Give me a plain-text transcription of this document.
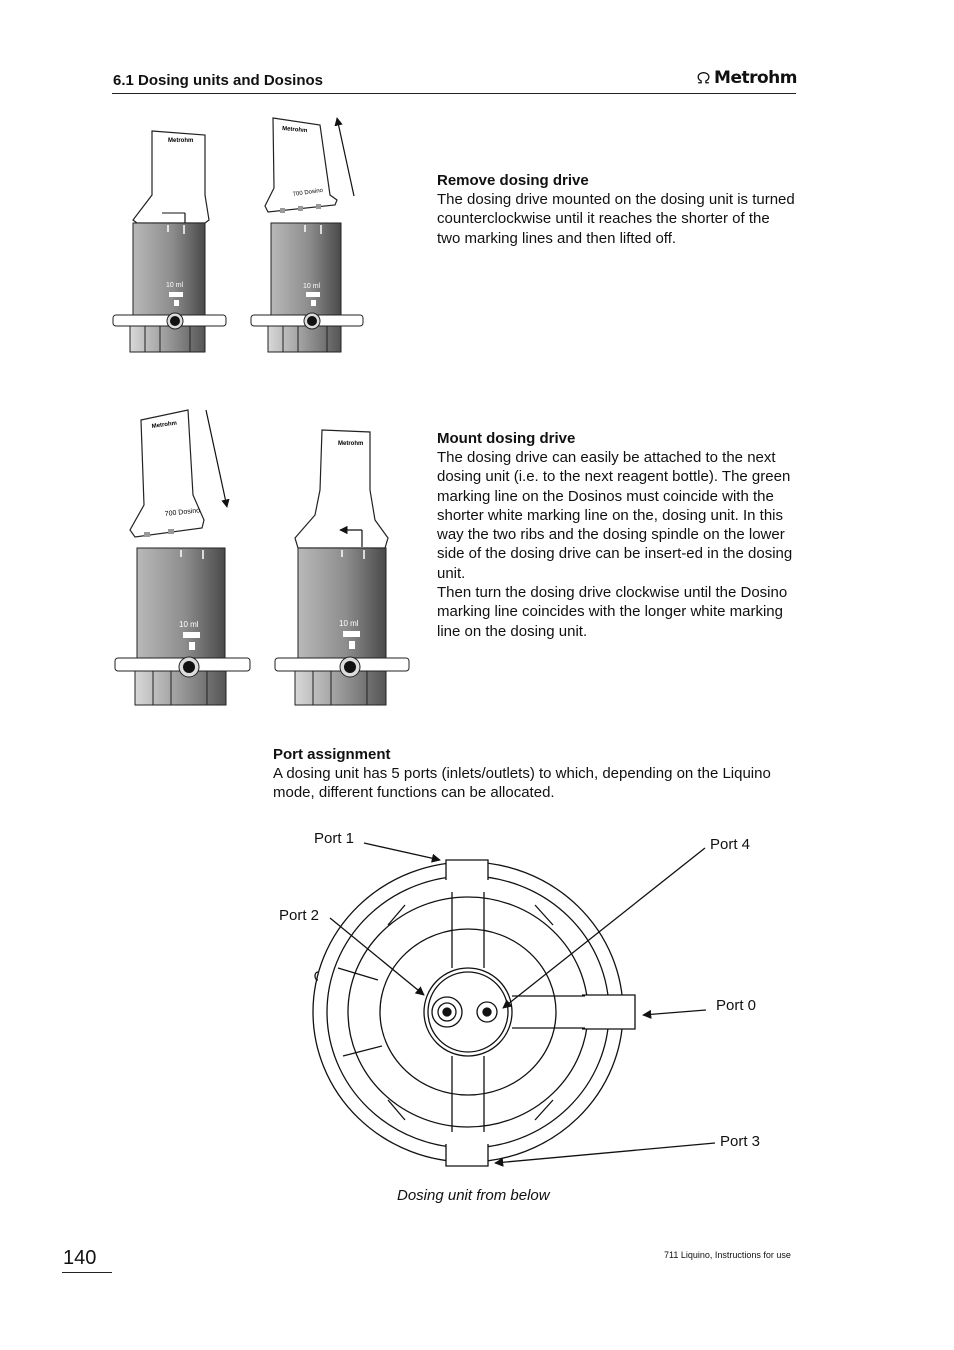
6.1 Dosing units and Dosinos	Metrohm
Metrohm
10 ml
Metrohm
700 Dosino
10 ml
Metrohm
700 Dosino
10 ml
Metrohm
10 ml
Port 1
Port 2
Port 4
Port 0
Port 3
Remove dosing drive
The dosing drive mounted on the dosing unit is turned counterclockwise until it reaches the shorter of the two marking lines and then lifted off.
Mount dosing drive
The dosing drive can easily be attached to the next dosing unit (i.e. to the next reagent bottle). The green marking line on the Dosinos must coincide with the shorter white marking line on the, dosing unit. In this way the two ribs and the dosing spindle on the lower side of the dosing drive can be insert-ed in the dosing unit.
Then turn the dosing drive clockwise until the Dosino marking line coincides with the longer white marking line on the dosing unit.
Port assignment
A dosing unit has 5 ports (inlets/outlets) to which, depending on the Liquino mode, different functions can be allocated.
Dosing unit from below
140	711 Liquino, Instructions for use
